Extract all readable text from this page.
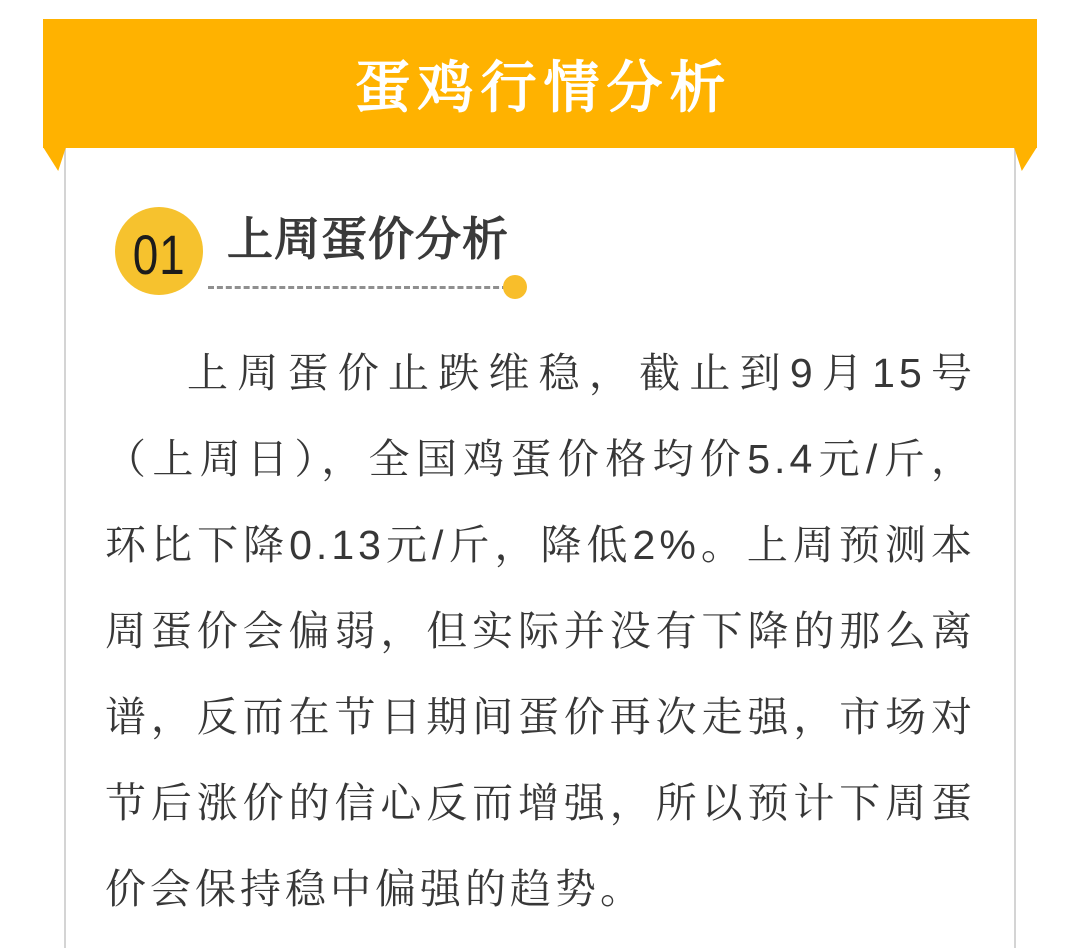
蛋鸡行情分析
01 上周蛋价分析

上周蛋价止跌维稳，截止到9月15号（上周日），全国鸡蛋价格均价5.4元/斤，环比下降0.13元/斤，降低2%。上周预测本周蛋价会偏弱，但实际并没有下降的那么离谱，反而在节日期间蛋价再次走强，市场对节后涨价的信心反而增强，所以预计下周蛋价会保持稳中偏强的趋势。
